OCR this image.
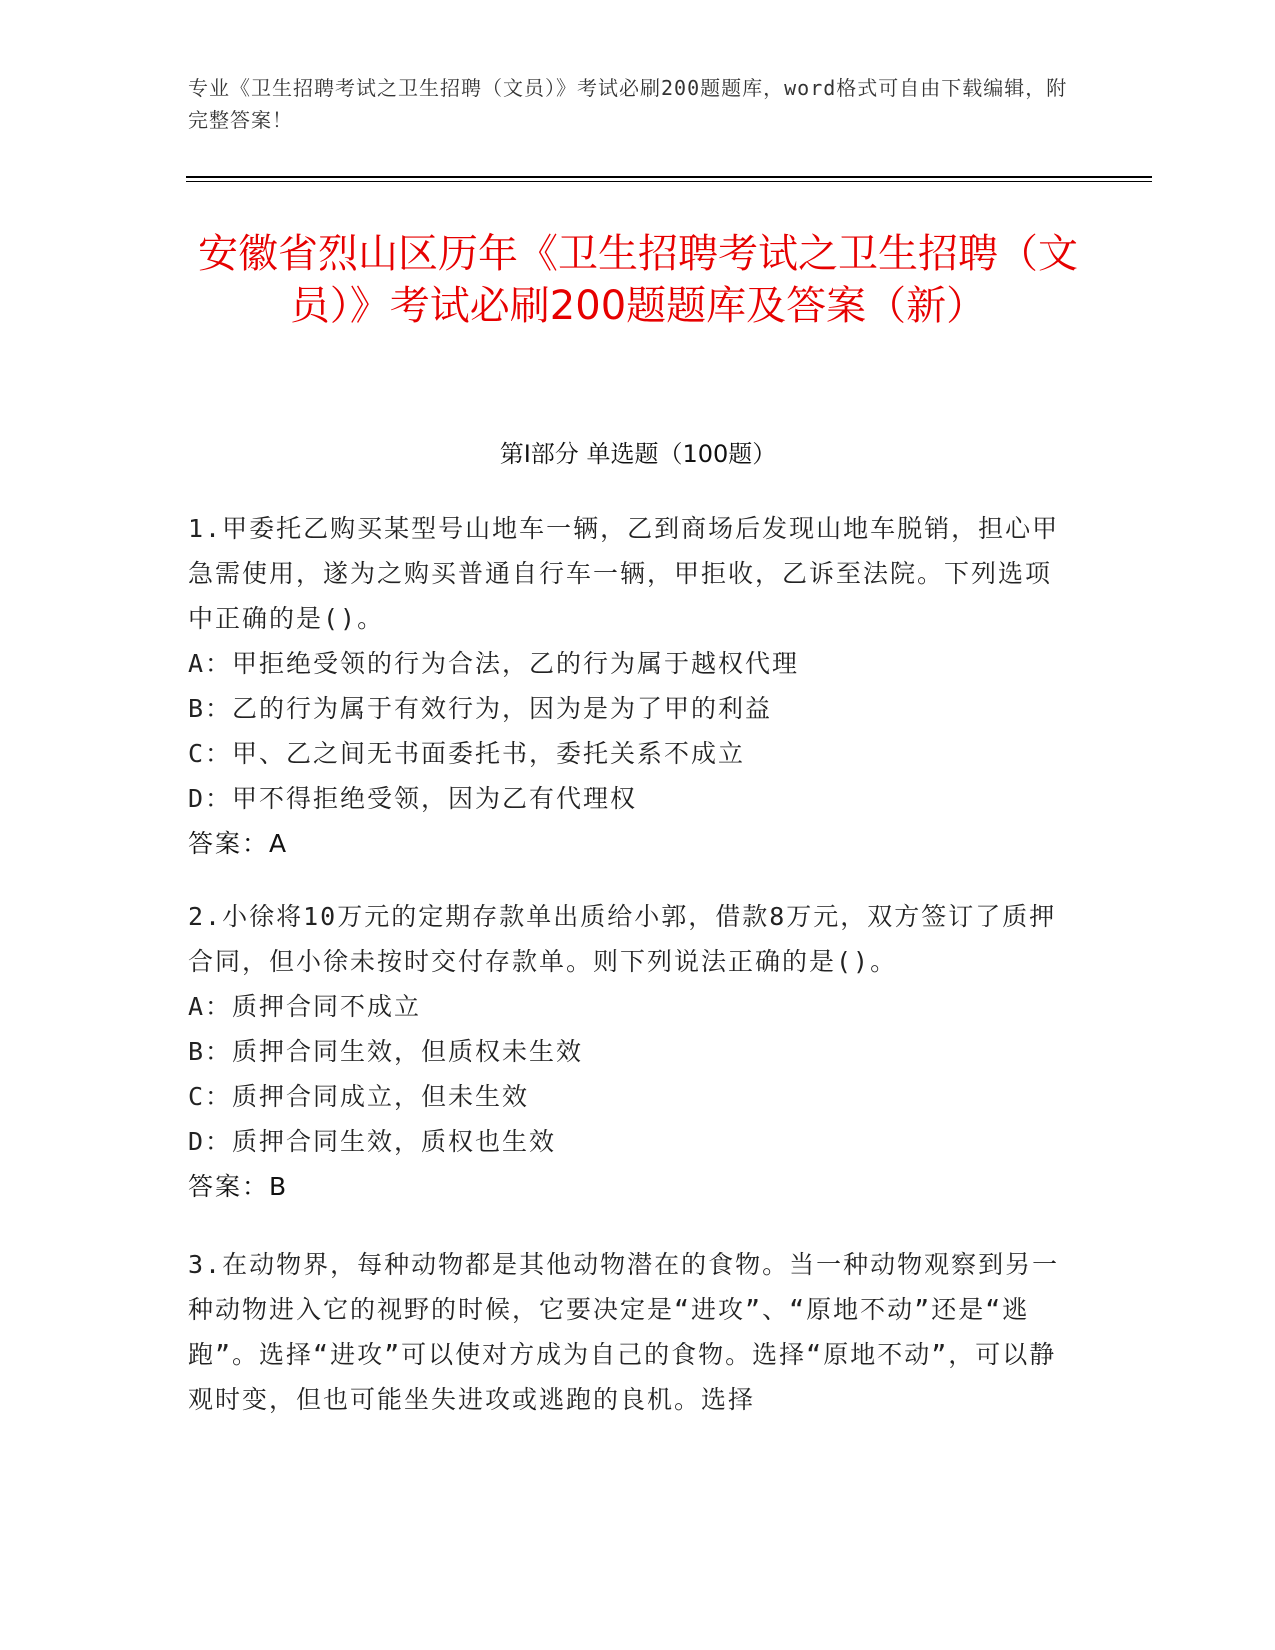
专业《卫生招聘考试之卫生招聘（文员）》考试必刷200题题库，word格式可自由下载编辑，附完整答案！
安徽省烈山区历年《卫生招聘考试之卫生招聘（文员）》考试必刷200题题库及答案（新）
第Ⅰ部分 单选题（100题）

1.甲委托乙购买某型号山地车一辆，乙到商场后发现山地车脱销，担心甲急需使用，遂为之购买普通自行车一辆，甲拒收，乙诉至法院。下列选项中正确的是()。

A：甲拒绝受领的行为合法，乙的行为属于越权代理

B：乙的行为属于有效行为，因为是为了甲的利益

C：甲、乙之间无书面委托书，委托关系不成立

D：甲不得拒绝受领，因为乙有代理权

答案：A

2.小徐将10万元的定期存款单出质给小郭，借款8万元，双方签订了质押合同，但小徐未按时交付存款单。则下列说法正确的是()。

A：质押合同不成立

B：质押合同生效，但质权未生效

C：质押合同成立，但未生效

D：质押合同生效，质权也生效

答案：B

3.在动物界，每种动物都是其他动物潜在的食物。当一种动物观察到另一种动物进入它的视野的时候，它要决定是“进攻”、“原地不动”还是“逃跑”。选择“进攻”可以使对方成为自己的食物。选择“原地不动”，可以静观时变，但也可能坐失进攻或逃跑的良机。选择
